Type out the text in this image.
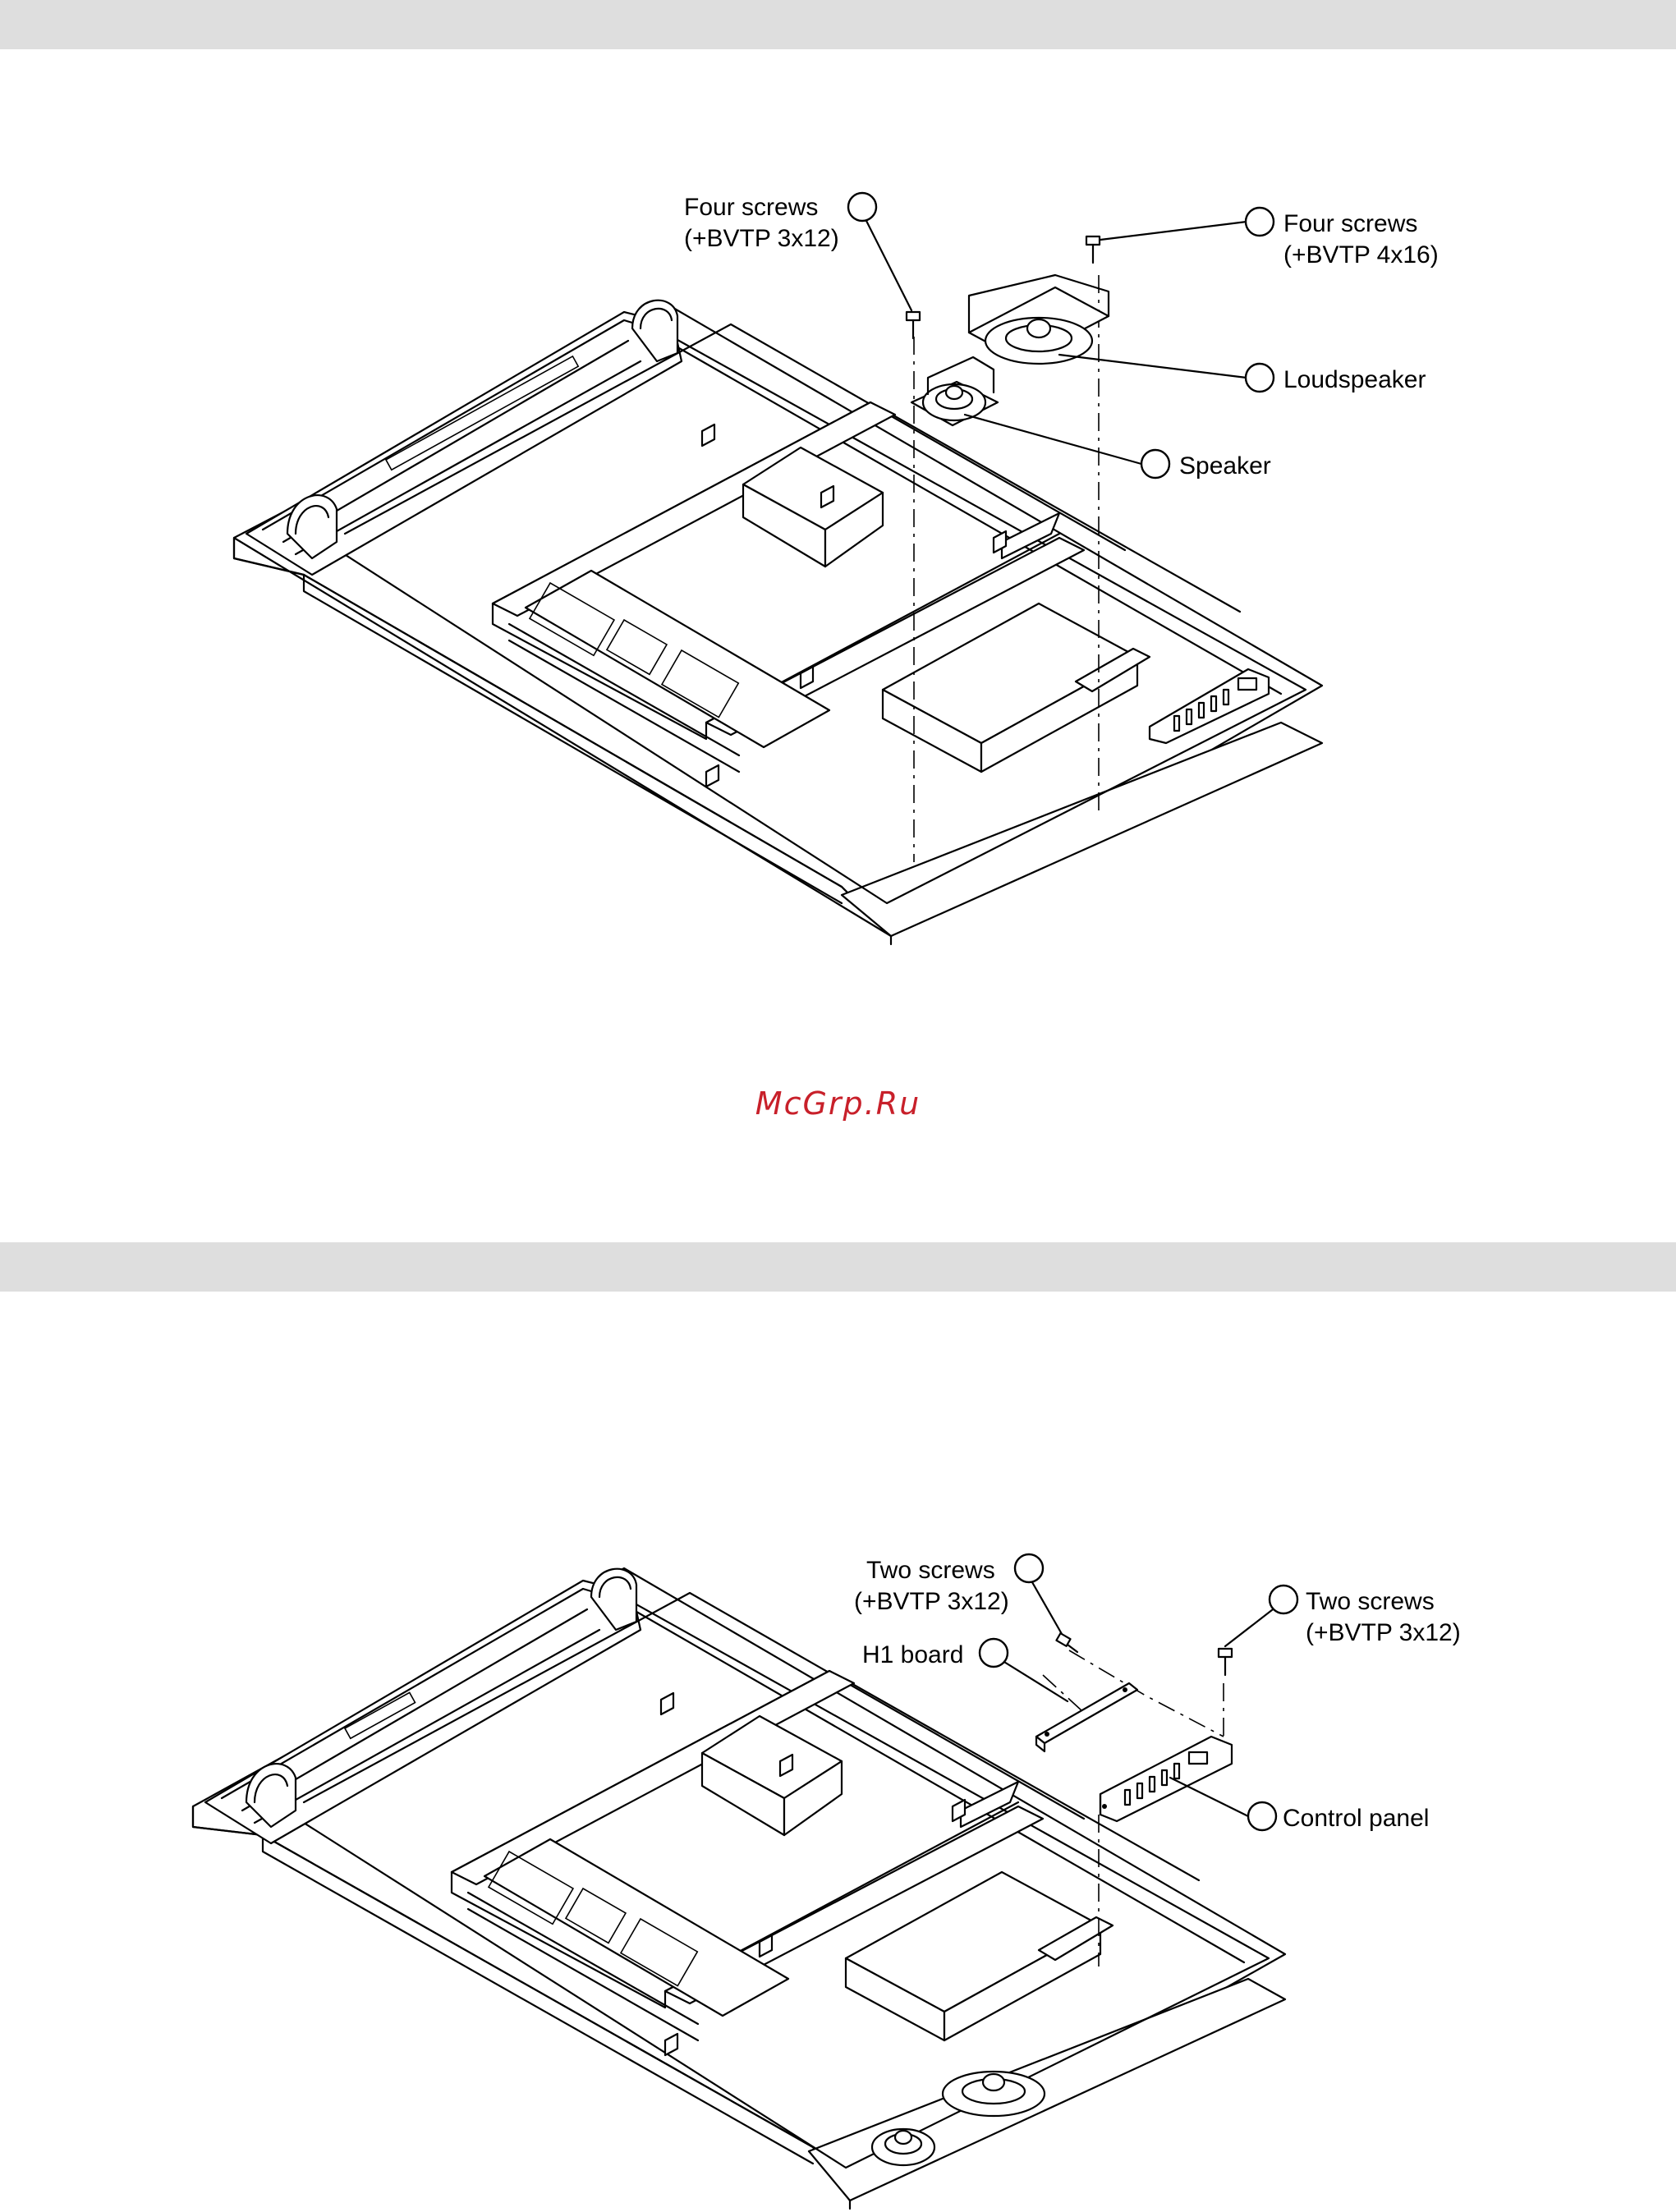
Four screws
(+BVTP 3x12)
Four screws
(+BVTP 4x16)
Loudspeaker
Speaker
McGrp.Ru
Two screws
(+BVTP 3x12)
H1 board
Two screws
(+BVTP 3x12)
Control panel
